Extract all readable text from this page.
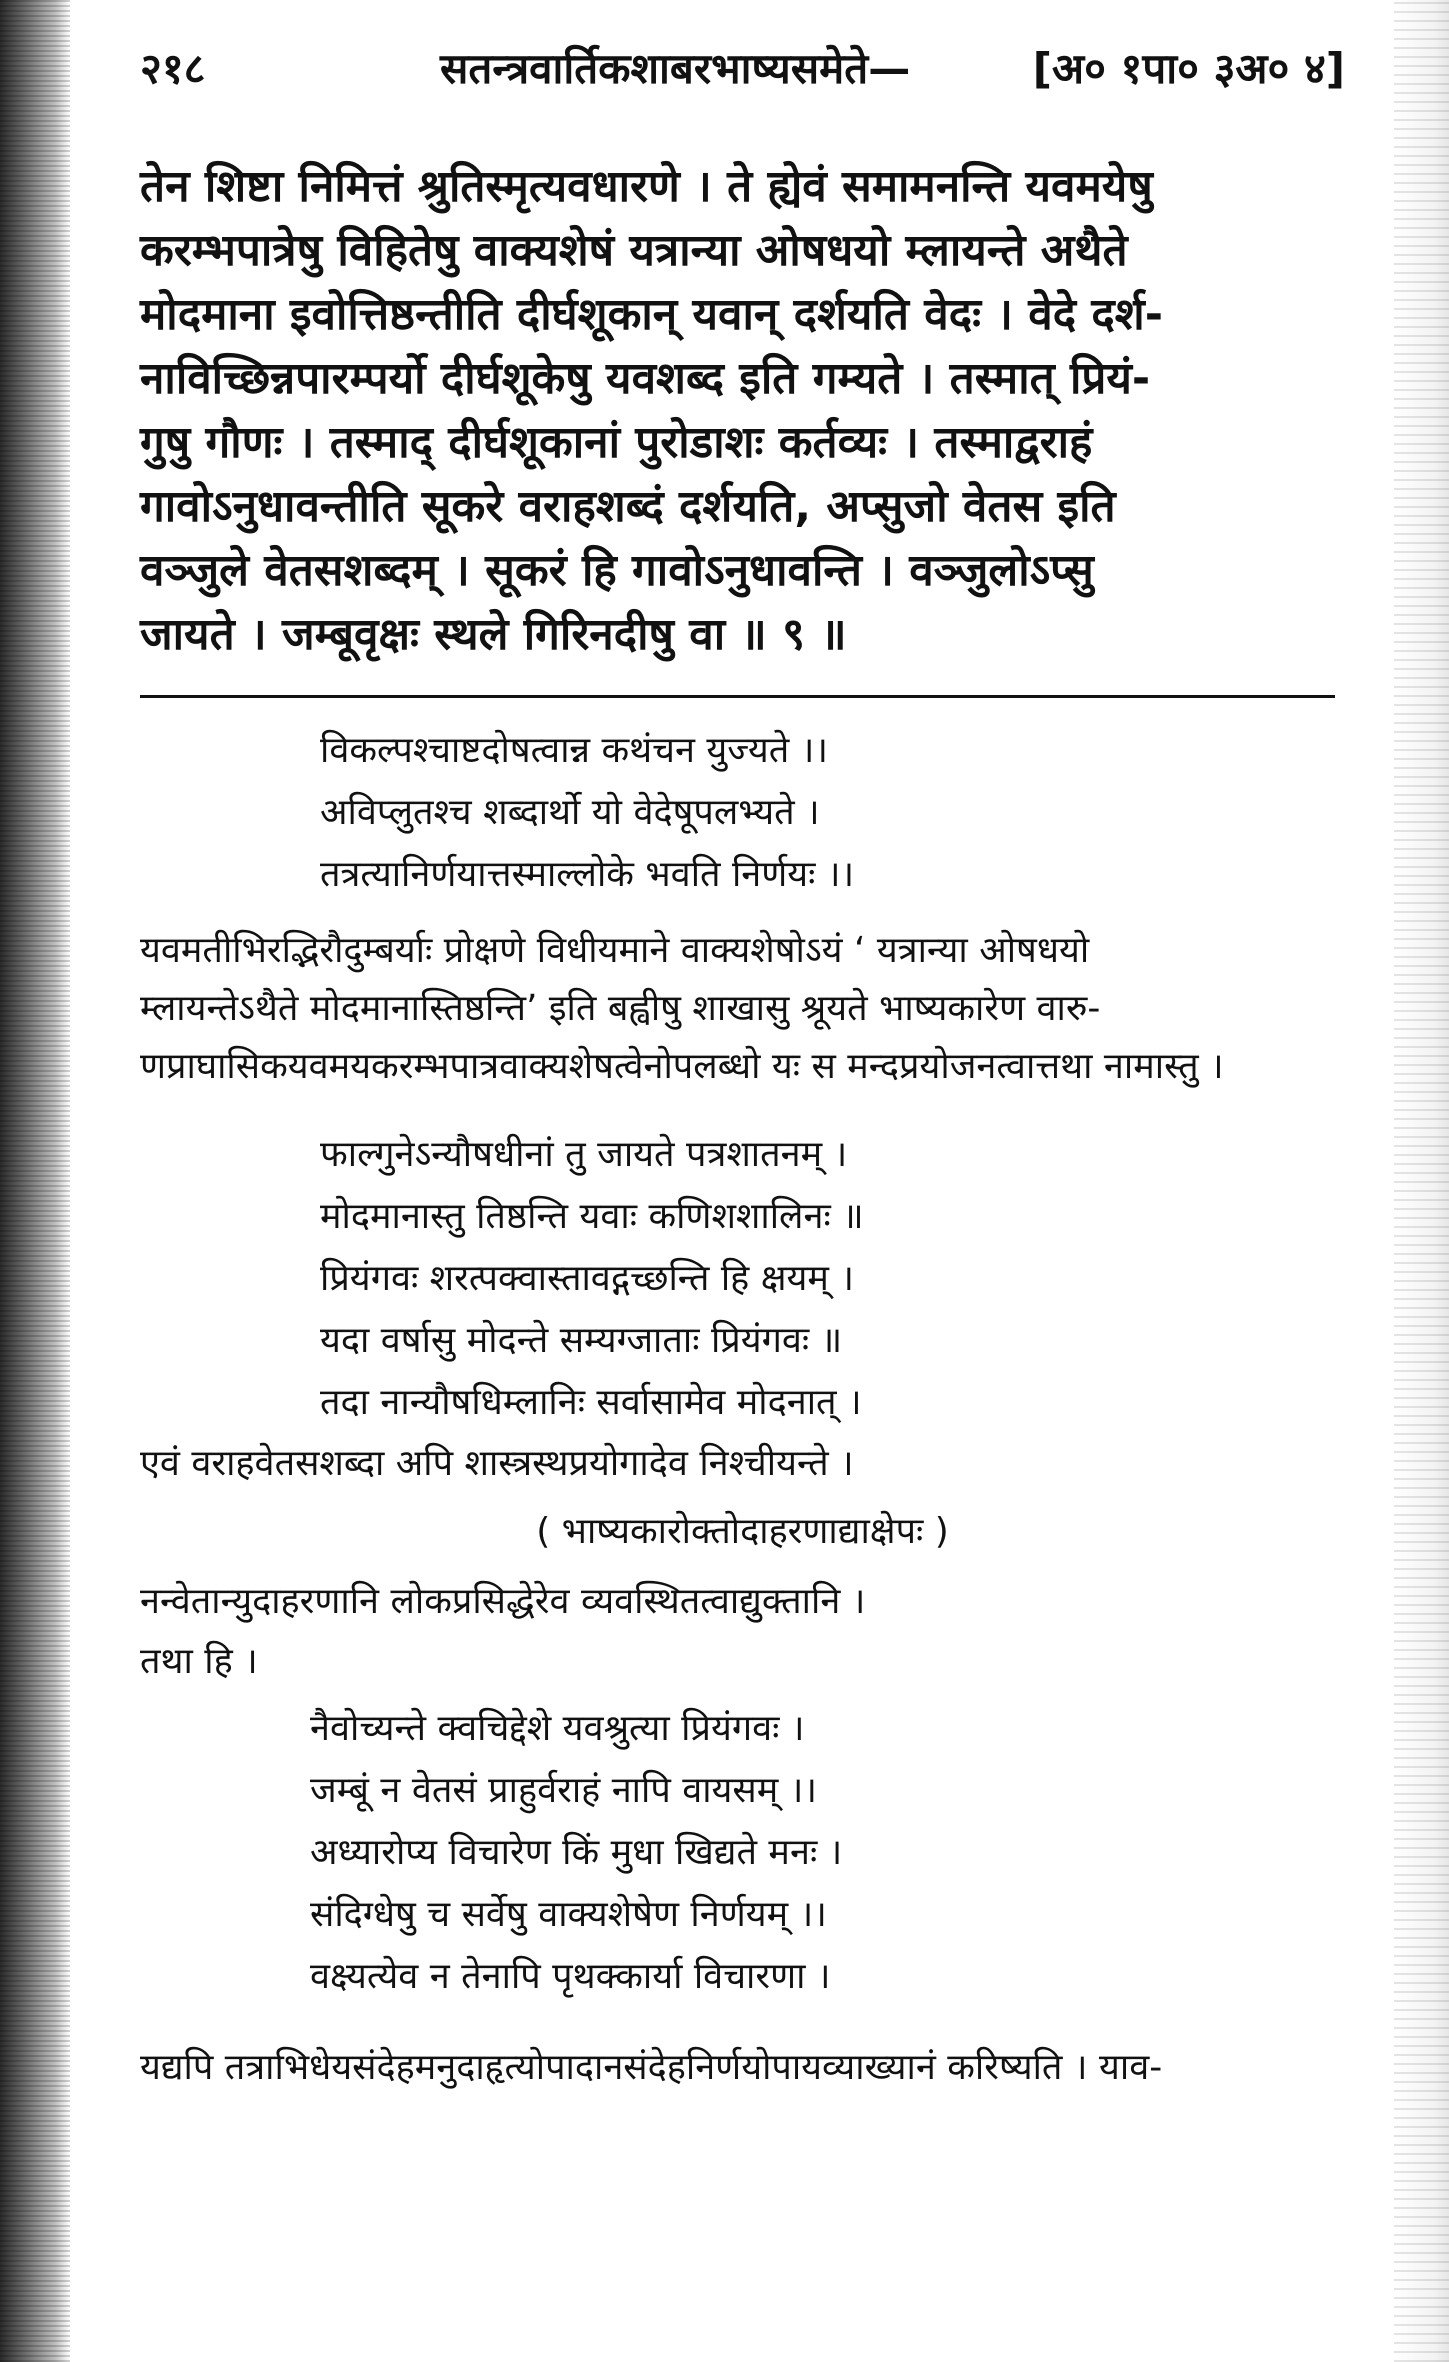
२१८	सतन्त्रवार्तिकशाबरभाष्यसमेते—	[अ० १पा० ३अ० ४]

तेन शिष्टा निमित्तं श्रुतिस्मृत्यवधारणे । ते ह्येवं समामनन्ति यवमयेषु

करम्भपात्रेषु विहितेषु वाक्यशेषं यत्रान्या ओषधयो म्लायन्ते अथैते

मोदमाना इवोत्तिष्ठन्तीति दीर्घशूकान् यवान् दर्शयति वेदः । वेदे दर्श-

नाविच्छिन्नपारम्पर्यो दीर्घशूकेषु यवशब्द इति गम्यते । तस्मात् प्रियं-

गुषु गौणः । तस्माद् दीर्घशूकानां पुरोडाशः कर्तव्यः । तस्माद्वराहं

गावोऽनुधावन्तीति सूकरे वराहशब्दं दर्शयति, अप्सुजो वेतस इति

वञ्जुले वेतसशब्दम् । सूकरं हि गावोऽनुधावन्ति । वञ्जुलोऽप्सु

जायते । जम्बूवृक्षः स्थले गिरिनदीषु वा ॥ ९ ॥

विकल्पश्चाष्टदोषत्वान्न कथंचन युज्यते ।।
अविप्लुतश्च शब्दार्थो यो वेदेषूपलभ्यते ।
तत्रत्यानिर्णयात्तस्माल्लोके भवति निर्णयः ।।

यवमतीभिरद्भिरौदुम्बर्याः प्रोक्षणे विधीयमाने वाक्यशेषोऽयं ‘ यत्रान्या ओषधयो

म्लायन्तेऽथैते मोदमानास्तिष्ठन्ति’ इति बह्वीषु शाखासु श्रूयते भाष्यकारेण वारु-

णप्राघासिकयवमयकरम्भपात्रवाक्यशेषत्वेनोपलब्धो यः स मन्दप्रयोजनत्वात्तथा नामास्तु ।

फाल्गुनेऽन्यौषधीनां तु जायते पत्रशातनम् ।
मोदमानास्तु तिष्ठन्ति यवाः कणिशशालिनः ॥
प्रियंगवः शरत्पक्वास्तावद्गच्छन्ति हि क्षयम् ।
यदा वर्षासु मोदन्ते सम्यग्जाताः प्रियंगवः ॥
तदा नान्यौषधिम्लानिः सर्वासामेव मोदनात् ।
एवं वराहवेतसशब्दा अपि शास्त्रस्थप्रयोगादेव निश्चीयन्ते ।
( भाष्यकारोक्तोदाहरणाद्याक्षेपः )
नन्वेतान्युदाहरणानि लोकप्रसिद्धेरेव व्यवस्थितत्वाद्युक्तानि ।
तथा हि ।
नैवोच्यन्ते क्वचिद्देशे यवश्रुत्या प्रियंगवः ।
जम्बूं न वेतसं प्राहुर्वराहं नापि वायसम् ।।
अध्यारोप्य विचारेण किं मुधा खिद्यते मनः ।
संदिग्धेषु च सर्वेषु वाक्यशेषेण निर्णयम् ।।
वक्ष्यत्येव न तेनापि पृथक्कार्या विचारणा ।
यद्यपि तत्राभिधेयसंदेहमनुदाहृत्योपादानसंदेहनिर्णयोपायव्याख्यानं करिष्यति । याव-
